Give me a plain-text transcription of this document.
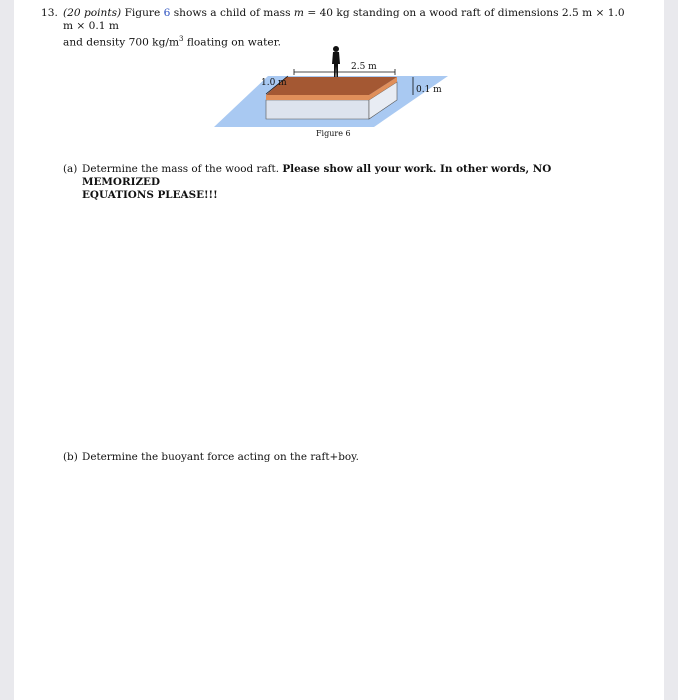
13. (20 points) Figure 6 shows a child of mass m = 40 kg standing on a wood raft of dimensions 2.5 m × 1.0 m × 0.1 m
and density 700 $kg/m^3$ floating on water.
2.5 m
1.0 m
0.1 m
Figure 6
(a) Determine the mass of the wood raft. Please show all your work. In other words, NO MEMORIZED
EQUATIONS PLEASE!!!
(b) Determine the buoyant force acting on the raft+boy.
